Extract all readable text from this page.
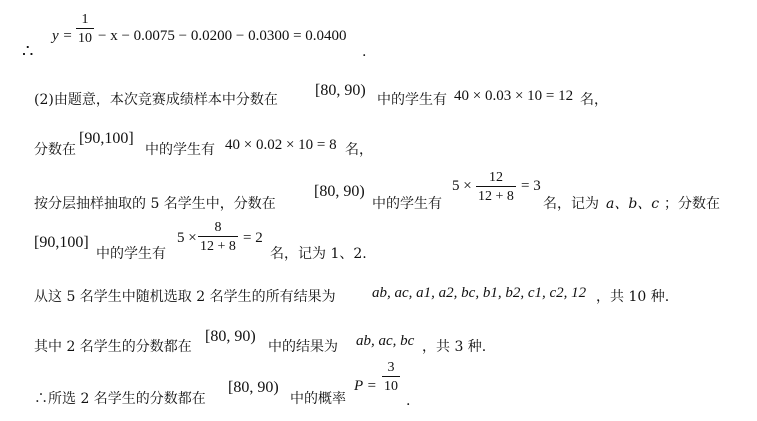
∴
y =
1
10 − x − 0.0075 − 0.0200 − 0.0300 = 0.0400
.
(2)由题意，本次竞赛成绩样本中分数在
[80, 90)
中的学生有 40 × 0.03 × 10 = 12 名，
分数在
[90,100]
中的学生有 40 × 0.02 × 10 = 8 名，
按分层抽样抽取的 5 名学生中，分数在
[80, 90)
中的学生有
5 ×
12
12 + 8
= 3
名，记为 a、b、c ；分数在
[90,100]
中的学生有
5 ×
8
12 + 8
= 2
名，记为 1、2.
从这 5 名学生中随机选取 2 名学生的所有结果为 ab, ac, a1, a2, bc, b1, b2, c1, c2, 12 ，共 10 种.
其中 2 名学生的分数都在
[80, 90)
中的结果为 ab, ac, bc ，共 3 种.
∴所选 2 名学生的分数都在
[80, 90)
中的概率
P =
3
10
.
